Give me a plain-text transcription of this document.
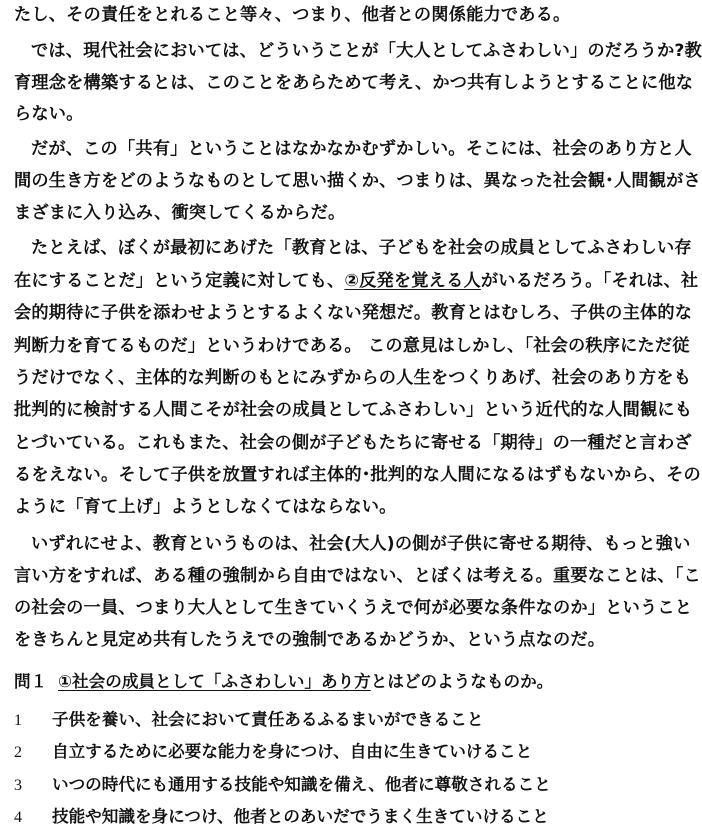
たし、その責任をとれること等々、つまり、他者との関係能力である。
では、現代社会においては、どういうことが「大人としてふさわしい」のだろうか?教
育理念を構築するとは、このことをあらためて考え、かつ共有しようとすることに他な
らない。
だが、この「共有」ということはなかなかむずかしい。そこには、社会のあり方と人
間の生き方をどのようなものとして思い描くか、つまりは、異なった社会観･人間観がさ
まざまに入り込み、衝突してくるからだ。
たとえば、ぼくが最初にあげた「教育とは、子どもを社会の成員としてふさわしい存
在にすることだ」という定義に対しても、②反発を覚える人がいるだろう。「それは、社
会的期待に子供を添わせようとするよくない発想だ。教育とはむしろ、子供の主体的な
判断力を育てるものだ」というわけである。 この意見はしかし、「社会の秩序にただ従
うだけでなく、主体的な判断のもとにみずからの人生をつくりあげ、社会のあり方をも
批判的に検討する人間こそが社会の成員としてふさわしい」という近代的な人間観にも
とづいている。これもまた、社会の側が子どもたちに寄せる「期待」の一種だと言わざ
るをえない。そして子供を放置すれば主体的･批判的な人間になるはずもないから、その
ように「育て上げ」ようとしなくてはならない。
いずれにせよ、教育というものは、社会(大人)の側が子供に寄せる期待、もっと強い
言い方をすれば、ある種の強制から自由ではない、とぼくは考える。重要なことは、「こ
の社会の一員、つまり大人として生きていくうえで何が必要な条件なのか」ということ
をきちんと見定め共有したうえでの強制であるかどうか、という点なのだ。
問１ ①社会の成員として「ふさわしい」あり方とはどのようなものか。
1 子供を養い、社会において責任あるふるまいができること
2 自立するために必要な能力を身につけ、自由に生きていけること
3 いつの時代にも通用する技能や知識を備え、他者に尊敬されること
4 技能や知識を身につけ、他者とのあいだでうまく生きていけること
